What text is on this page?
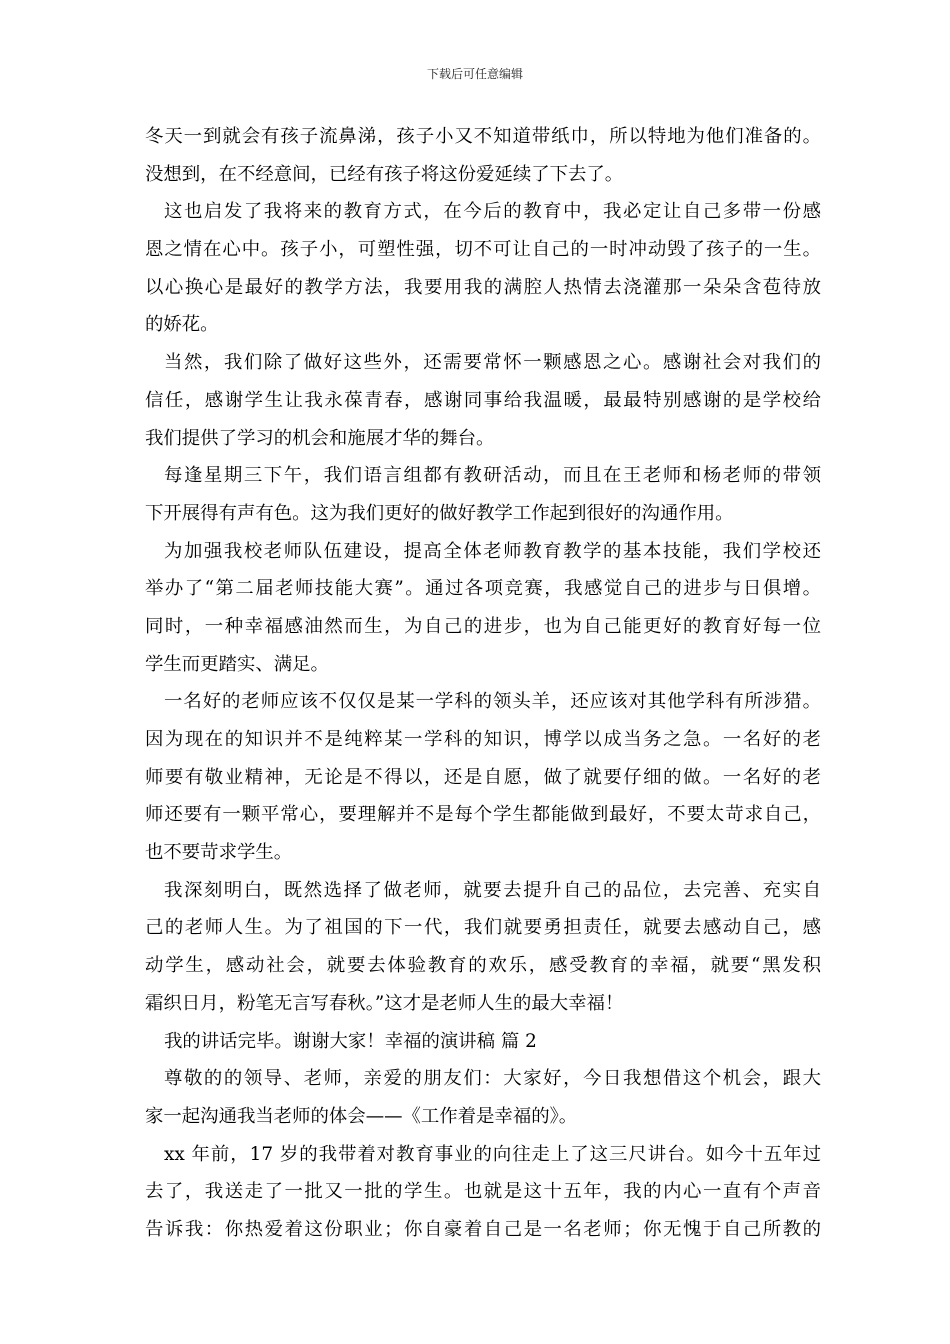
下载后可任意编辑
冬天一到就会有孩子流鼻涕，孩子小又不知道带纸巾，所以特地为他们准备的。
没想到，在不经意间，已经有孩子将这份爱延续了下去了。
这也启发了我将来的教育方式，在今后的教育中，我必定让自己多带一份感
恩之情在心中。孩子小，可塑性强，切不可让自己的一时冲动毁了孩子的一生。
以心换心是最好的教学方法，我要用我的满腔人热情去浇灌那一朵朵含苞待放
的娇花。
当然，我们除了做好这些外，还需要常怀一颗感恩之心。感谢社会对我们的
信任，感谢学生让我永葆青春，感谢同事给我温暖，最最特别感谢的是学校给
我们提供了学习的机会和施展才华的舞台。
每逢星期三下午，我们语言组都有教研活动，而且在王老师和杨老师的带领
下开展得有声有色。这为我们更好的做好教学工作起到很好的沟通作用。
为加强我校老师队伍建设，提高全体老师教育教学的基本技能，我们学校还
举办了“第二届老师技能大赛”。通过各项竞赛，我感觉自己的进步与日俱增。
同时，一种幸福感油然而生，为自己的进步，也为自己能更好的教育好每一位
学生而更踏实、满足。
一名好的老师应该不仅仅是某一学科的领头羊，还应该对其他学科有所涉猎。
因为现在的知识并不是纯粹某一学科的知识，博学以成当务之急。一名好的老
师要有敬业精神，无论是不得以，还是自愿，做了就要仔细的做。一名好的老
师还要有一颗平常心，要理解并不是每个学生都能做到最好，不要太苛求自己，
也不要苛求学生。
我深刻明白，既然选择了做老师，就要去提升自己的品位，去完善、充实自
己的老师人生。为了祖国的下一代，我们就要勇担责任，就要去感动自己，感
动学生，感动社会，就要去体验教育的欢乐，感受教育的幸福，就要“黑发积
霜织日月，粉笔无言写春秋。”这才是老师人生的最大幸福！
我的讲话完毕。谢谢大家！幸福的演讲稿 篇 2
尊敬的的领导、老师，亲爱的朋友们：大家好，今日我想借这个机会，跟大
家一起沟通我当老师的体会——《工作着是幸福的》。
xx 年前，17 岁的我带着对教育事业的向往走上了这三尺讲台。如今十五年过
去了，我送走了一批又一批的学生。也就是这十五年，我的内心一直有个声音
告诉我：你热爱着这份职业；你自豪着自己是一名老师；你无愧于自己所教的
